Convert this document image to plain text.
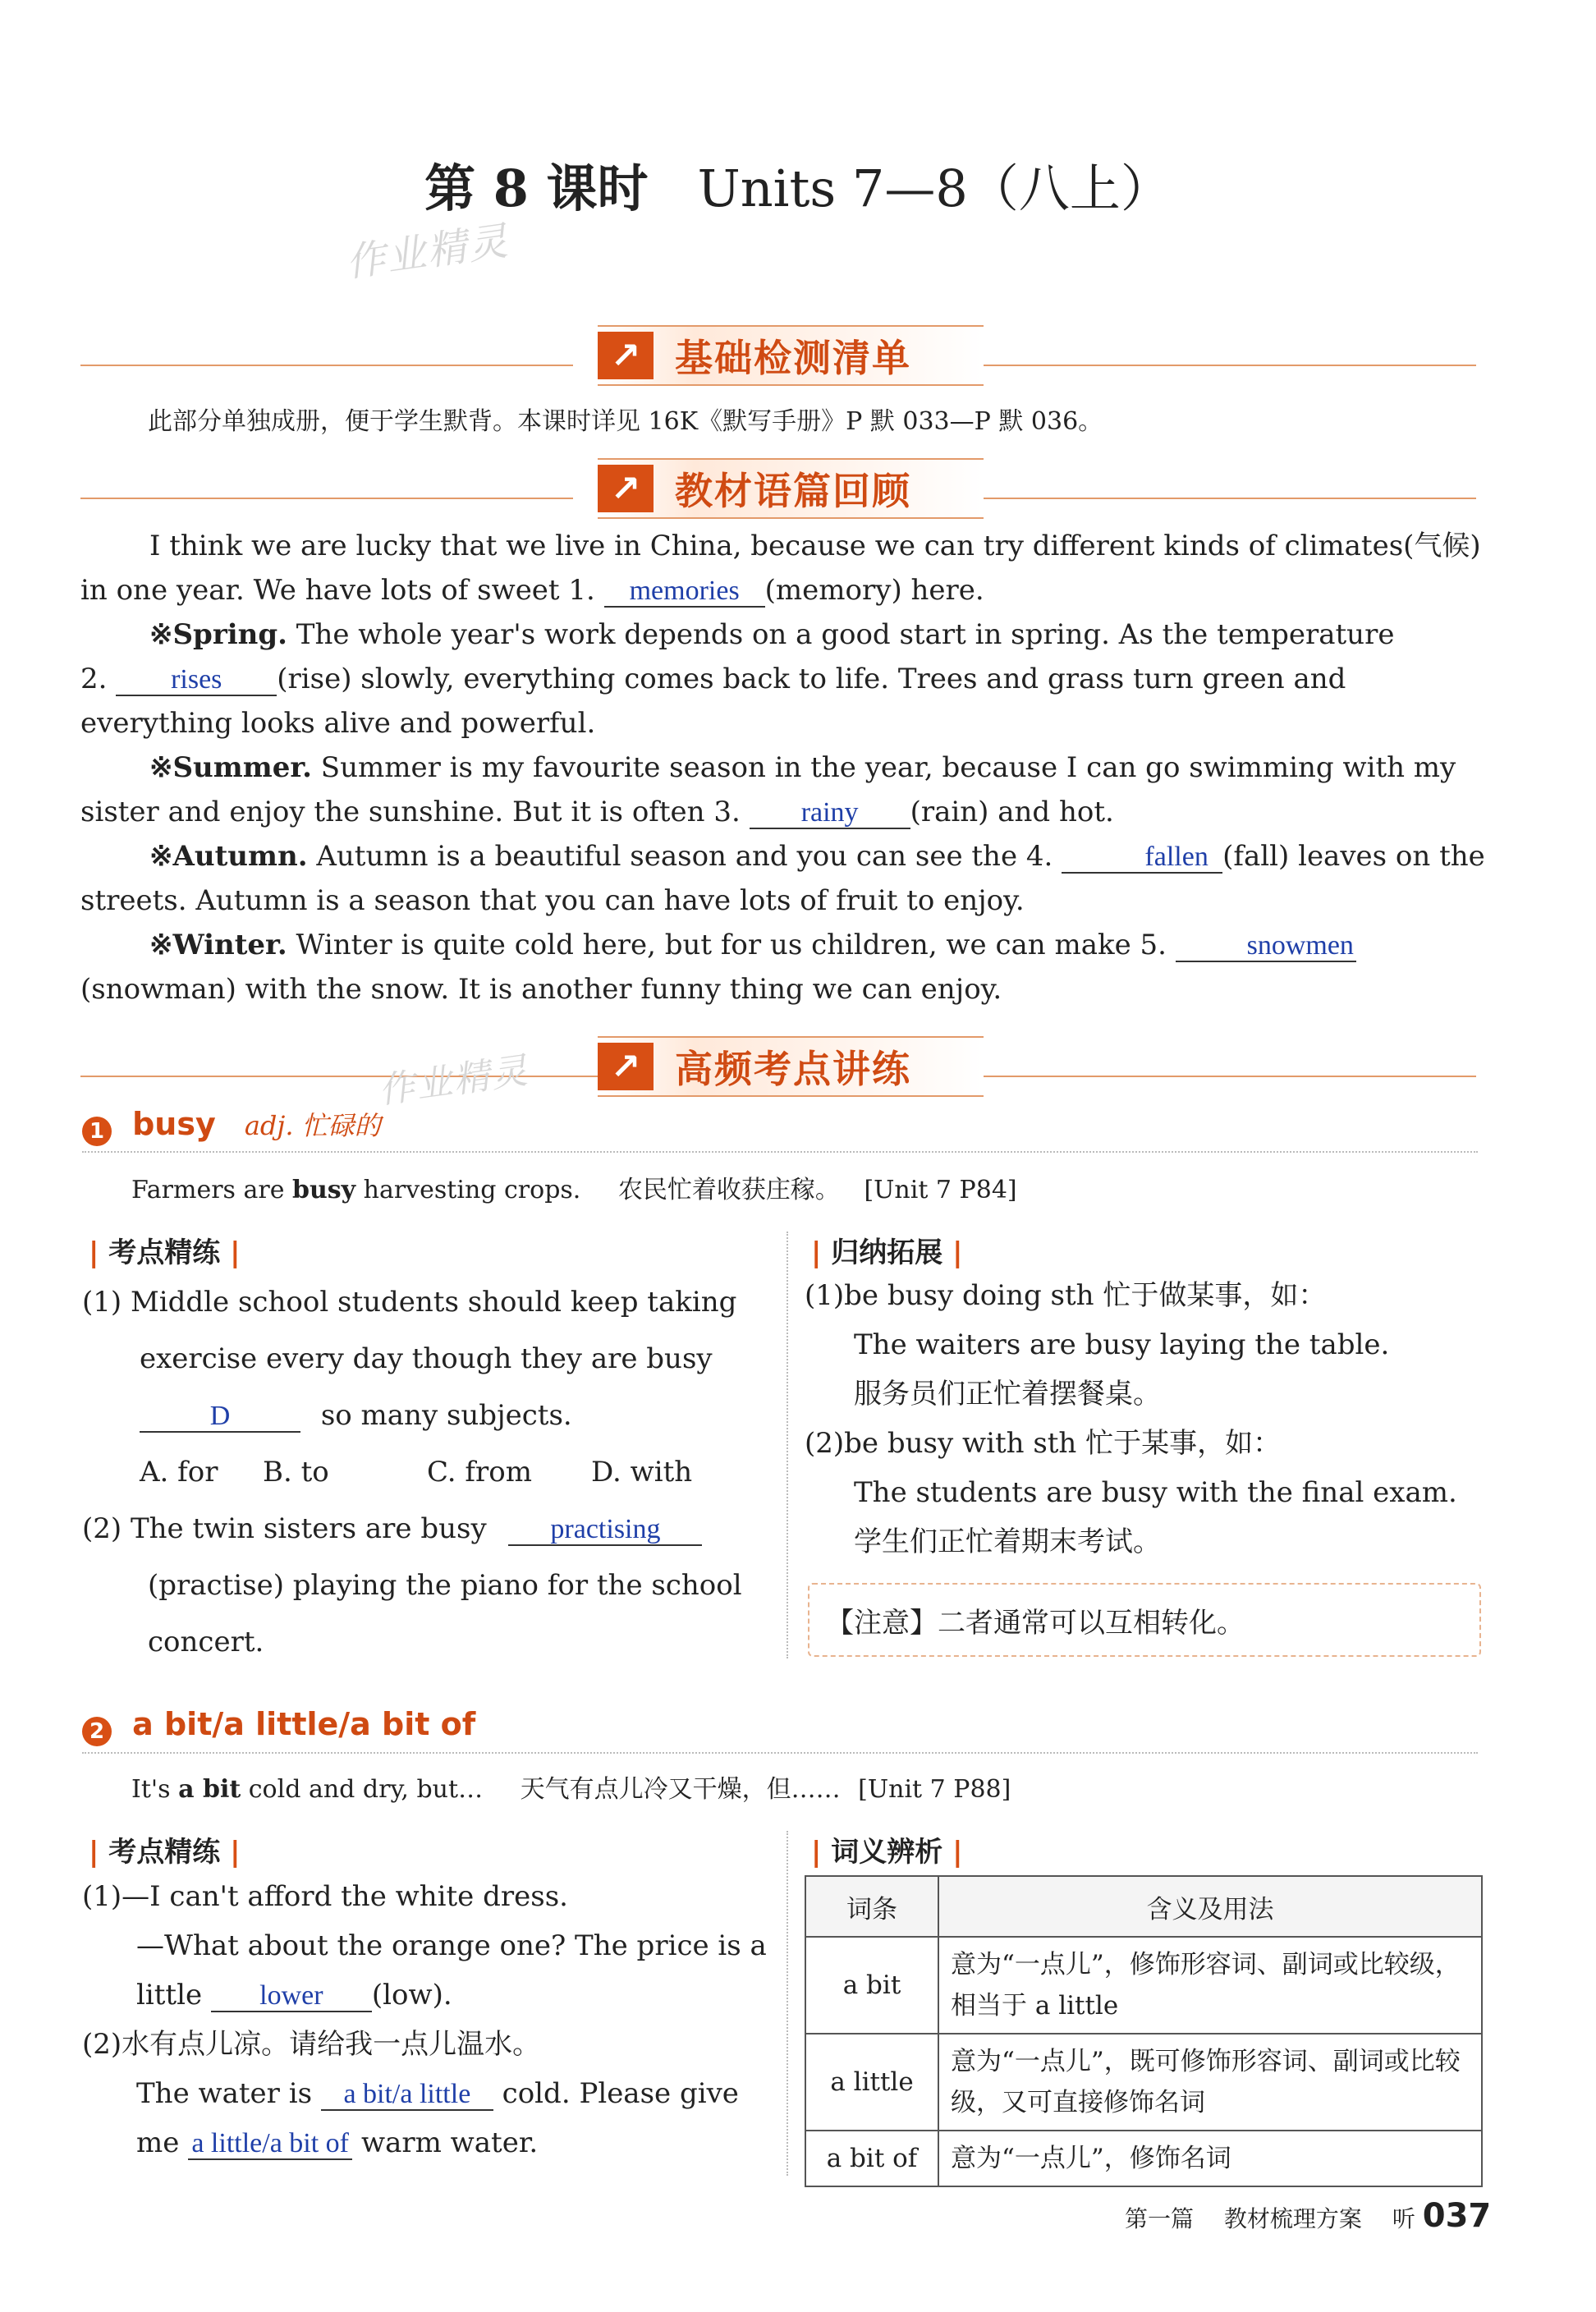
第 8 课时 Units 7—8（八上）
作业精灵
↗ 基础检测清单
此部分单独成册，便于学生默背。本课时详见 16K《默写手册》P 默 033—P 默 036。
↗ 教材语篇回顾
I think we are lucky that we live in China, because we can try different kinds of climates(气候)
in one year. We have lots of sweet 1. memories (memory) here.
※Spring. The whole year's work depends on a good start in spring. As the temperature
2. rises (rise) slowly, everything comes back to life. Trees and grass turn green and
everything looks alive and powerful.
※Summer. Summer is my favourite season in the year, because I can go swimming with my
sister and enjoy the sunshine. But it is often 3. rainy (rain) and hot.
※Autumn. Autumn is a beautiful season and you can see the 4.	fallen (fall) leaves on the
streets. Autumn is a season that you can have lots of fruit to enjoy.
※Winter. Winter is quite cold here, but for us children, we can make 5.	snowmen
(snowman) with the snow. It is another funny thing we can enjoy.
作业精灵	↗ 高频考点讲练
1 busy adj. 忙碌的
Farmers are busy harvesting crops. 农民忙着收获庄稼。 [Unit 7 P84]
| 考点精练 |
(1) Middle school students should keep taking
exercise every day though they are busy
D	so many subjects.
A. for B. to	C. from D. with
(2) The twin sisters are busy practising
(practise) playing the piano for the school
concert.
| 归纳拓展 |
(1)be busy doing sth 忙于做某事，如：
The waiters are busy laying the table.
服务员们正忙着摆餐桌。
(2)be busy with sth 忙于某事，如：
The students are busy with the final exam.
学生们正忙着期末考试。
【注意】二者通常可以互相转化。
2 a bit/a little/a bit of
It's a bit cold and dry, but… 天气有点儿冷又干燥，但…… [Unit 7 P88]
| 考点精练 |
(1)—I can't afford the white dress.
—What about the orange one? The price is a
little lower (low).
(2)水有点儿凉。请给我一点儿温水。
The water is a bit/a little cold. Please give
me a little/a bit of warm water.
| 词义辨析 |
词条	含义及用法
a bit	意为“一点儿”，修饰形容词、副词或比较级，相当于 a little
a little	意为“一点儿”，既可修饰形容词、副词或比较级，又可直接修饰名词
a bit of	意为“一点儿”，修饰名词
第一篇 教材梳理方案 听 037
